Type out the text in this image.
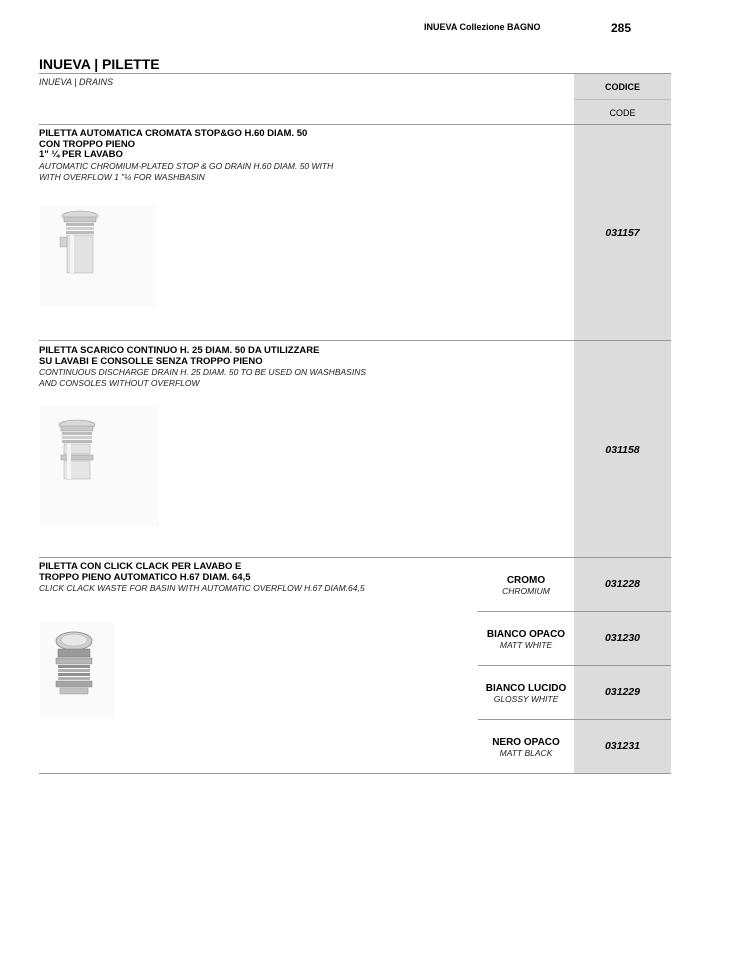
INUEVA Collezione BAGNO	285
INUEVA | PILETTE
INUEVA | DRAINS	CODICE
CODE
PILETTA AUTOMATICA CROMATA STOP&GO H.60 DIAM. 50
CON TROPPO PIENO
1" ¼ PER LAVABO
AUTOMATIC CHROMIUM-PLATED STOP & GO DRAIN H.60 DIAM. 50 WITH
WITH OVERFLOW 1 "¼ FOR WASHBASIN
031157
PILETTA SCARICO CONTINUO H. 25 DIAM. 50 DA UTILIZZARE
SU LAVABI E CONSOLLE SENZA TROPPO PIENO
CONTINUOUS DISCHARGE DRAIN H. 25 DIAM. 50 TO BE USED ON WASHBASINS
AND CONSOLES WITHOUT OVERFLOW
031158
PILETTA CON CLICK CLACK PER LAVABO E
TROPPO PIENO AUTOMATICO H.67 DIAM. 64,5
CLICK CLACK WASTE FOR BASIN WITH AUTOMATIC OVERFLOW H.67 DIAM.64,5
CROMO
CHROMIUM
031228
BIANCO OPACO
MATT WHITE
031230
BIANCO LUCIDO
GLOSSY WHITE
031229
NERO OPACO
MATT BLACK
031231
